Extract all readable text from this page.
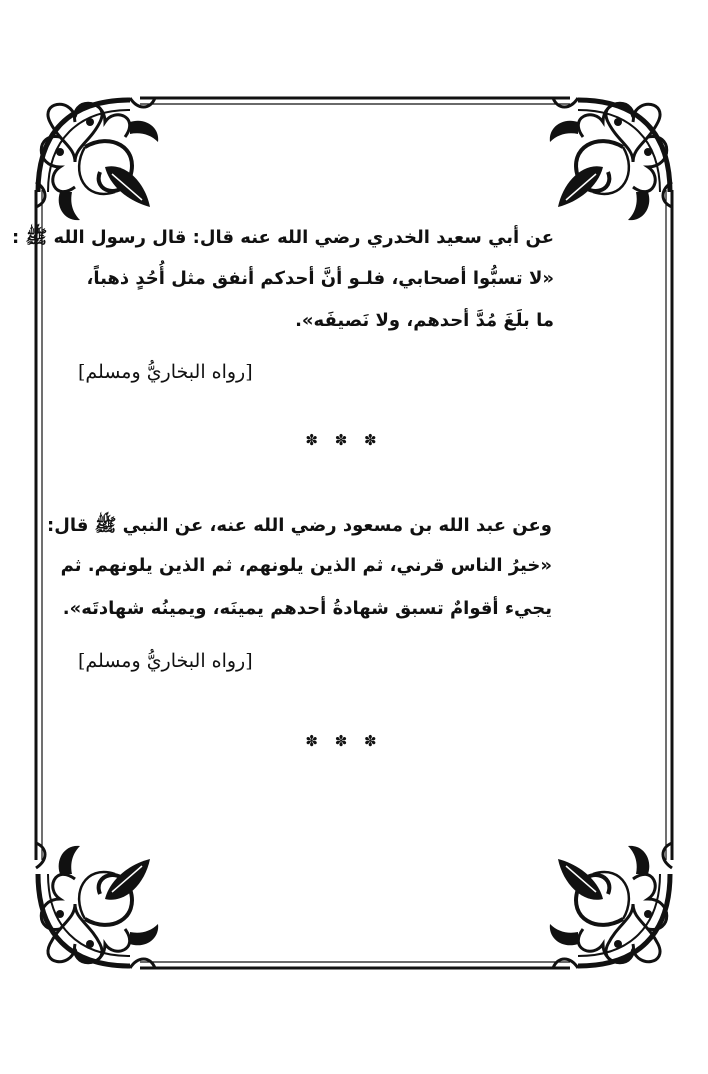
عن أبي سعيد الخدري رضي الله عنه قال: قال رسول الله ﷺ :
«لا تسبُّوا أصحابي، فلـو أنَّ أحدكم أنفق مثل أُحُدٍ ذهباً،
ما بلَغَ مُدَّ أحدهم، ولا نَصيفَه».
[رواه البخاريُّ ومسلم]
✽ ✽ ✽
وعن عبد الله بن مسعود رضي الله عنه، عن النبي ﷺ قال:
«خيرُ الناس قرني، ثم الذين يلونهم، ثم الذين يلونهم. ثم
يجيء أقوامٌ تسبق شهادةُ أحدهم يمينَه، ويمينُه شهادتَه».
[رواه البخاريُّ ومسلم]
✽ ✽ ✽
